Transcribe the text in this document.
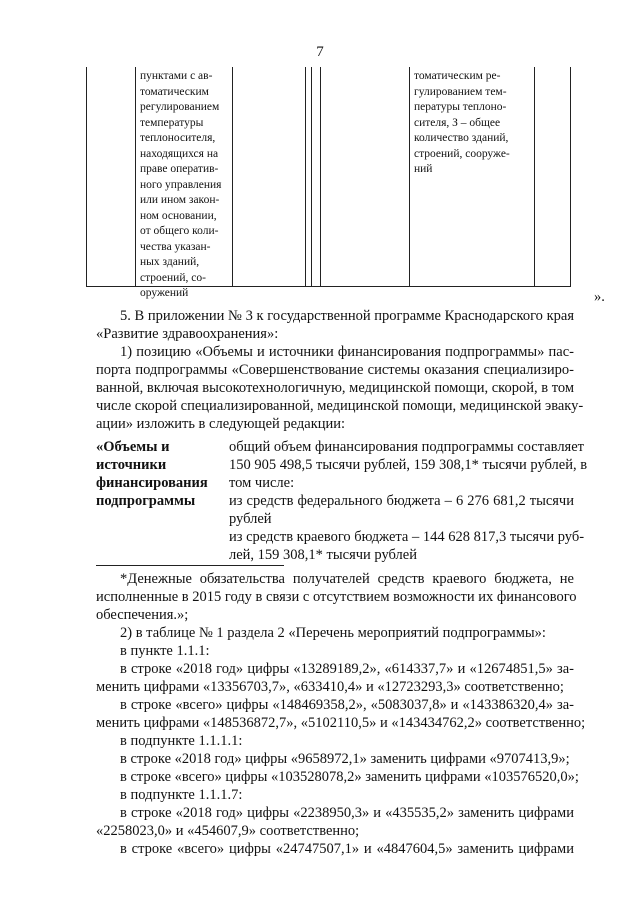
7
пунктами с ав-
томатическим
регулированием
температуры
теплоносителя,
находящихся на
праве оператив-
ного управления
или ином закон-
ном основании,
от общего коли-
чества указан-
ных зданий,
строений, со-
оружений
томатическим ре-
гулированием тем-
пературы теплоно-
сителя, З – общее
количество зданий,
строений, сооруже-
ний
».
5. В приложении № 3 к государственной программе Краснодарского края
«Развитие здравоохранения»:
1) позицию «Объемы и источники финансирования подпрограммы» пас-
порта подпрограммы «Совершенствование системы оказания специализиро-
ванной, включая высокотехнологичную, медицинской помощи, скорой, в том
числе скорой специализированной, медицинской помощи, медицинской эваку-
ации» изложить в следующей редакции:
«Объемы и
источники
финансирования
подпрограммы
общий объем финансирования подпрограммы составляет
150 905 498,5 тысячи рублей, 159 308,1* тысячи рублей, в
том числе:
из средств федерального бюджета – 6 276 681,2 тысячи
рублей
из средств краевого бюджета – 144 628 817,3 тысячи руб-
лей, 159 308,1* тысячи рублей
*Денежные обязательства получателей средств краевого бюджета, не
исполненные в 2015 году в связи с отсутствием возможности их финансового
обеспечения.»;
2) в таблице № 1 раздела 2 «Перечень мероприятий подпрограммы»:
в пункте 1.1.1:
в строке «2018 год» цифры «13289189,2», «614337,7» и «12674851,5» за-
менить цифрами «13356703,7», «633410,4» и «12723293,3» соответственно;
в строке «всего» цифры «148469358,2», «5083037,8» и «143386320,4» за-
менить цифрами «148536872,7», «5102110,5» и «143434762,2» соответственно;
в подпункте 1.1.1.1:
в строке «2018 год» цифры «9658972,1» заменить цифрами «9707413,9»;
в строке «всего» цифры «103528078,2» заменить цифрами «103576520,0»;
в подпункте 1.1.1.7:
в строке «2018 год» цифры «2238950,3» и «435535,2» заменить цифрами
«2258023,0» и «454607,9» соответственно;
в строке «всего» цифры «24747507,1» и «4847604,5» заменить цифрами
